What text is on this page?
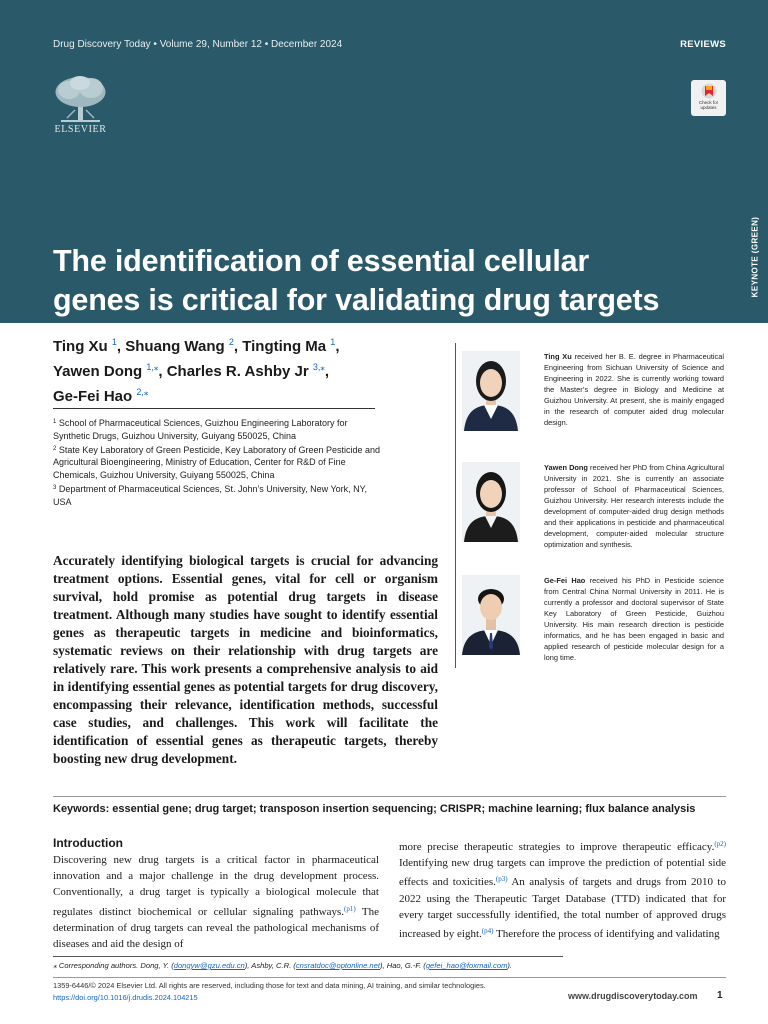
Drug Discovery Today • Volume 29, Number 12 • December 2024	REVIEWS
ELSEVIER
Check for updates
The identification of essential cellular
genes is critical for validating drug targets
KEYNOTE (GREEN)
Ting Xu $^1$, Shuang Wang $^2$, Tingting Ma $^1$,
Yawen Dong $^{1,⁎}$, Charles R. Ashby Jr $^{3,⁎}$,
Ge-Fei Hao $^{2,⁎}$
$^1$ School of Pharmaceutical Sciences, Guizhou Engineering Laboratory for Synthetic Drugs, Guizhou University, Guiyang 550025, China
$^2$ State Key Laboratory of Green Pesticide, Key Laboratory of Green Pesticide and Agricultural Bioengineering, Ministry of Education, Center for R&D of Fine Chemicals, Guizhou University, Guiyang 550025, China
$^3$ Department of Pharmaceutical Sciences, St. John’s University, New York, NY, USA
Accurately identifying biological targets is crucial for advancing treatment options. Essential genes, vital for cell or organism survival, hold promise as potential drug targets in disease treatment. Although many studies have sought to identify essential genes as therapeutic targets in medicine and bioinformatics, systematic reviews on their relationship with drug targets are relatively rare. This work presents a comprehensive analysis to aid in identifying essential genes as potential targets for drug discovery, encompassing their relevance, identification methods, successful case studies, and challenges. This work will facilitate the identification of essential genes as therapeutic targets, thereby boosting new drug development.
Ting Xu received her B. E. degree in Pharmaceutical Engineering from Sichuan University of Science and Engineering in 2022. She is currently working toward the Master’s degree in Biology and Medicine at Guizhou University. At present, she is mainly engaged in the research of computer aided drug molecular design.
Yawen Dong received her PhD from China Agricultural University in 2021. She is currently an associate professor of School of Pharmaceutical Sciences, Guizhou University. Her research interests include the development of computer-aided drug design methods and their applications in pesticide and pharmaceutical development, computer-aided molecular structure optimization and synthesis.
Ge-Fei Hao received his PhD in Pesticide science from Central China Normal University in 2011. He is currently a professor and doctoral supervisor of State Key Laboratory of Green Pesticide, Guizhou University. His main research direction is pesticide informatics, and he has been engaged in basic and applied research of pesticide molecular design for a long time.
Keywords: essential gene; drug target; transposon insertion sequencing; CRISPR; machine learning; flux balance analysis
Introduction
Discovering new drug targets is a critical factor in pharmaceutical innovation and a major challenge in the drug development process. Conventionally, a drug target is typically a biological molecule that regulates distinct biochemical or cellular signaling pathways.$^{(p1)}$ The determination of drug targets can reveal the pathological mechanisms of diseases and aid the design of
more precise therapeutic strategies to improve therapeutic efficacy.$^{(p2)}$ Identifying new drug targets can improve the prediction of potential side effects and toxicities.$^{(p3)}$ An analysis of targets and drugs from 2010 to 2022 using the Therapeutic Target Database (TTD) indicated that for every target successfully identified, the total number of approved drugs increased by eight.$^{(p4)}$ Therefore the process of identifying and validating
⁎ Corresponding authors. Dong, Y. (dongyw@gzu.edu.cn), Ashby, C.R. (cnsratdoc@optonline.net), Hao, G.-F. (gefei_hao@foxmail.com).
1359-6446/© 2024 Elsevier Ltd. All rights are reserved, including those for text and data mining, AI training, and similar technologies.
https://doi.org/10.1016/j.drudis.2024.104215	www.drugdiscoverytoday.com 1
